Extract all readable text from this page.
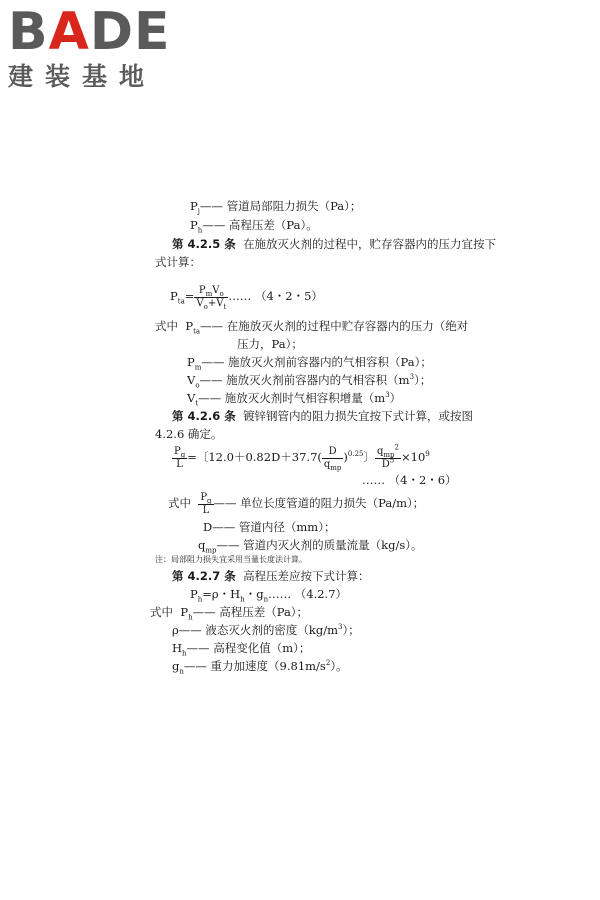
BADE
建装基地
$P_j——$ 管道局部阻力损失（Pa）；
$P_h——$ 高程压差（Pa）。
第 4.2.5 条 在施放灭火剂的过程中，贮存容器内的压力宜按下
式计算：
$P_{ta}= \frac{P_mV_o}{V_o+V_t}$ …… （4・2・5）
式中 $P_{ta}——$ 在施放灭火剂的过程中贮存容器内的压力（绝对
压力，Pa）；
$P_m——$ 施放灭火剂前容器内的气相容积（Pa）；
$V_o——$ 施放灭火剂前容器内的气相容积$(m^3)$；
$V_t——$ 施放灭火剂时气相容积增量$(m^3)$
第 4.2.6 条 镀锌钢管内的阻力损失宜按下式计算，或按图
4.2.6 确定。
$\frac{P_g}{L}$ =〔$12.0+0.82D+37.7( \frac{D}{q_{mp}} )^{0.25}$〕 $\frac{q_{mp}^2}{D^5} \times 10^9$
…… （4・2・6）
式中 $\frac{P_g}{L}$ —— 单位长度管道的阻力损失（Pa/m）；
D—— 管道内径（mm）；
$q_{mp}——$ 管道内灭火剂的质量流量（kg/s）。
注：局部阻力损失宜采用当量长度法计算。
第 4.2.7 条 高程压差应按下式计算：
$P_h=\rho$・$H_h$・$g_n\dots\dots$ （4.2.7）
式中 $P_h——$ 高程压差（Pa）；
ρ—— 液态灭火剂的密度$(kg/m^3)$；
$H_h——$ 高程变化值（m）；
$g_n——$ 重力加速度$(9.81m/s^2)$。
